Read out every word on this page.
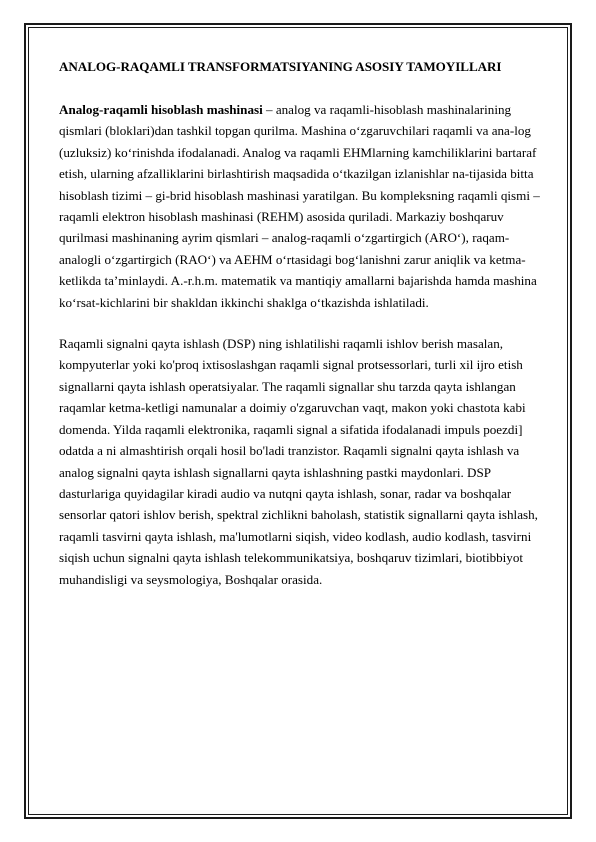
ANALOG-RAQAMLI TRANSFORMATSIYANING ASOSIY TAMOYILLARI

Analog-raqamli hisoblash mashinasi – analog va raqamli-hisoblash mashinalarining qismlari (bloklari)dan tashkil topgan qurilma. Mashina o‘zgaruvchilari raqamli va ana-log (uzluksiz) ko‘rinishda ifodalanadi. Analog va raqamli EHMlarning kamchiliklarini bartaraf etish, ularning afzalliklarini birlashtirish maqsadida o‘tkazilgan izlanishlar na-tijasida bitta hisoblash tizimi – gi-brid hisoblash mashinasi yaratilgan. Bu kompleksning raqamli qismi – raqamli elektron hisoblash mashinasi (REHM) asosida quriladi. Markaziy boshqaruv qurilmasi mashinaning ayrim qismlari – analog-raqamli o‘zgartirgich (ARO‘), raqam-analogli o‘zgartirgich (RAO‘) va AEHM o‘rtasidagi bog‘lanishni zarur aniqlik va ketma-ketlikda ta’minlaydi. A.-r.h.m. matematik va mantiqiy amallarni bajarishda hamda mashina ko‘rsat-kichlarini bir shakldan ikkinchi shaklga o‘tkazishda ishlatiladi.

Raqamli signalni qayta ishlash (DSP) ning ishlatilishi raqamli ishlov berish masalan, kompyuterlar yoki ko'proq ixtisoslashgan raqamli signal protsessorlari, turli xil ijro etish signallarni qayta ishlash operatsiyalar. The raqamli signallar shu tarzda qayta ishlangan raqamlar ketma-ketligi namunalar a doimiy o'zgaruvchan vaqt, makon yoki chastota kabi domenda. Yilda raqamli elektronika, raqamli signal a sifatida ifodalanadi impuls poezdi] odatda a ni almashtirish orqali hosil bo'ladi tranzistor. Raqamli signalni qayta ishlash va analog signalni qayta ishlash signallarni qayta ishlashning pastki maydonlari. DSP dasturlariga quyidagilar kiradi audio va nutqni qayta ishlash, sonar, radar va boshqalar sensorlar qatori ishlov berish, spektral zichlikni baholash, statistik signallarni qayta ishlash, raqamli tasvirni qayta ishlash, ma'lumotlarni siqish, video kodlash, audio kodlash, tasvirni siqish uchun signalni qayta ishlash telekommunikatsiya, boshqaruv tizimlari, biotibbiyot muhandisligi va seysmologiya, Boshqalar orasida.
